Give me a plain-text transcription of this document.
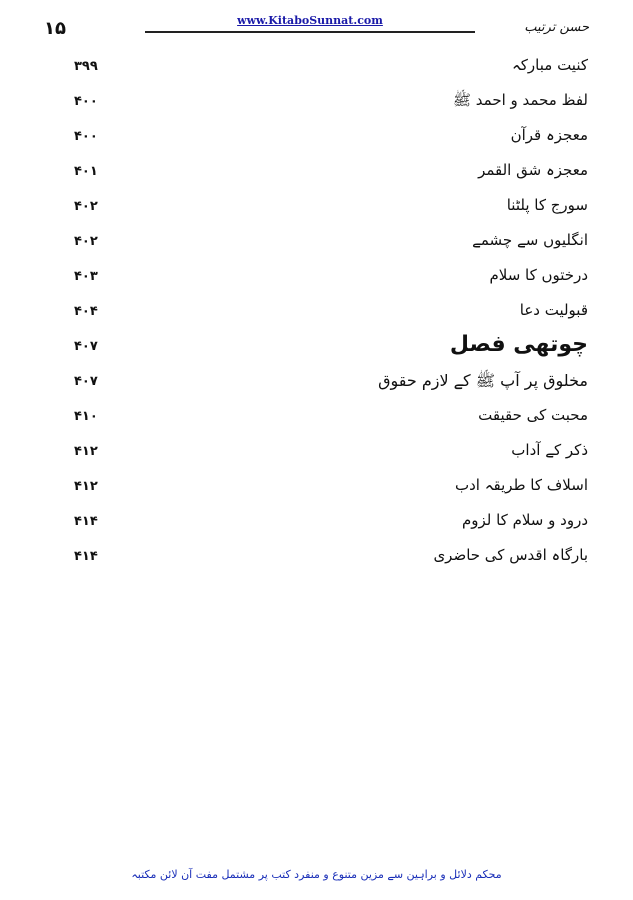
۱۵	www.KitaboSunnat.com	حسن ترتیب
کنیت مبارکہ
۳۹۹
لفظ محمد و احمد ﷺ
۴۰۰
معجزہ قرآن
۴۰۰
معجزہ شق القمر
۴۰۱
سورج کا پلٹنا
۴۰۲
انگلیوں سے چشمے
۴۰۲
درختوں کا سلام
۴۰۳
قبولیت دعا
۴۰۴
چوتھی فصل
۴۰۷
مخلوق پر آپ ﷺ کے لازم حقوق
۴۰۷
محبت کی حقیقت
۴۱۰
ذکر کے آداب
۴۱۲
اسلاف کا طریقہ ادب
۴۱۲
درود و سلام کا لزوم
۴۱۴
بارگاہ اقدس کی حاضری
۴۱۴
محکم دلائل و براہین سے مزین متنوع و منفرد کتب پر مشتمل مفت آن لائن مکتبہ
